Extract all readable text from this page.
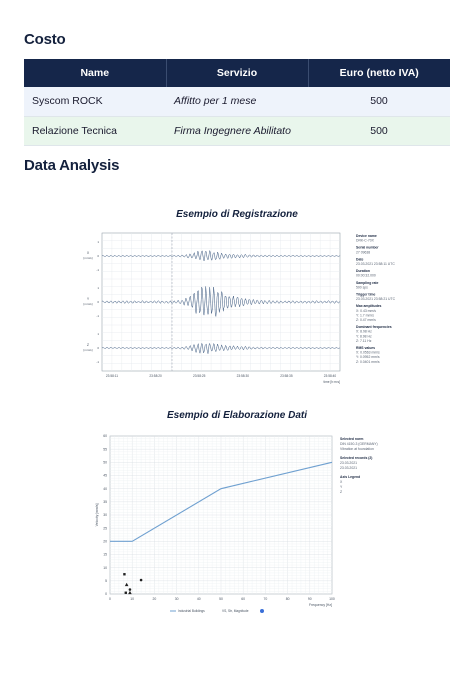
Costo
Name	Servizio	Euro (netto IVA)
Syscom ROCK	Affitto per 1 mese	500
Relazione Tecnica	Firma Ingegnere Abilitato	500
Data Analysis
Esempio di Registrazione
X
[mm/s]
1
0
-1
Y
[mm/s]
1
0
-1
Z
[mm/s]
1
0
-1
23:58:11	23:58:20	23:58:25	23:58:30	23:58:35	23:58:40
time [h:m:s]
Device name
DRK-C-70X
Serial number
27 09638
Date
23.03.2021 23:58:11 UTC
Duration
00:00:32.000
Sampling rate
500 sps
Trigger time
23.03.2021 23:58:21 UTC
Max amplitudes
X: 0.43 mm/s
Y: 1.7 mm/s
Z: 0.47 mm/s
Dominant frequencies
X: 8.98 Hz
Y: 8.98 Hz
Z: 7.11 Hz
RMS values
X: 0.0563 mm/s
Y: 0.0952 mm/s
Z: 0.0401 mm/s
Esempio di Elaborazione Dati
0	10	20	30	40	50	60	70	80	90	100
0
5
10
15
20
25
30
35
40
45
50
55
60
Frequency [Hz]
Velocity [mm/s]
Industrial Buildings	VS, Str, Magnitude
Selected norm
DIN 4150-3 (GERMANY)
Vibration at foundation
Selected records (2)
23.03.2021
23.03.2021
Axis Legend
X
Y
Z
